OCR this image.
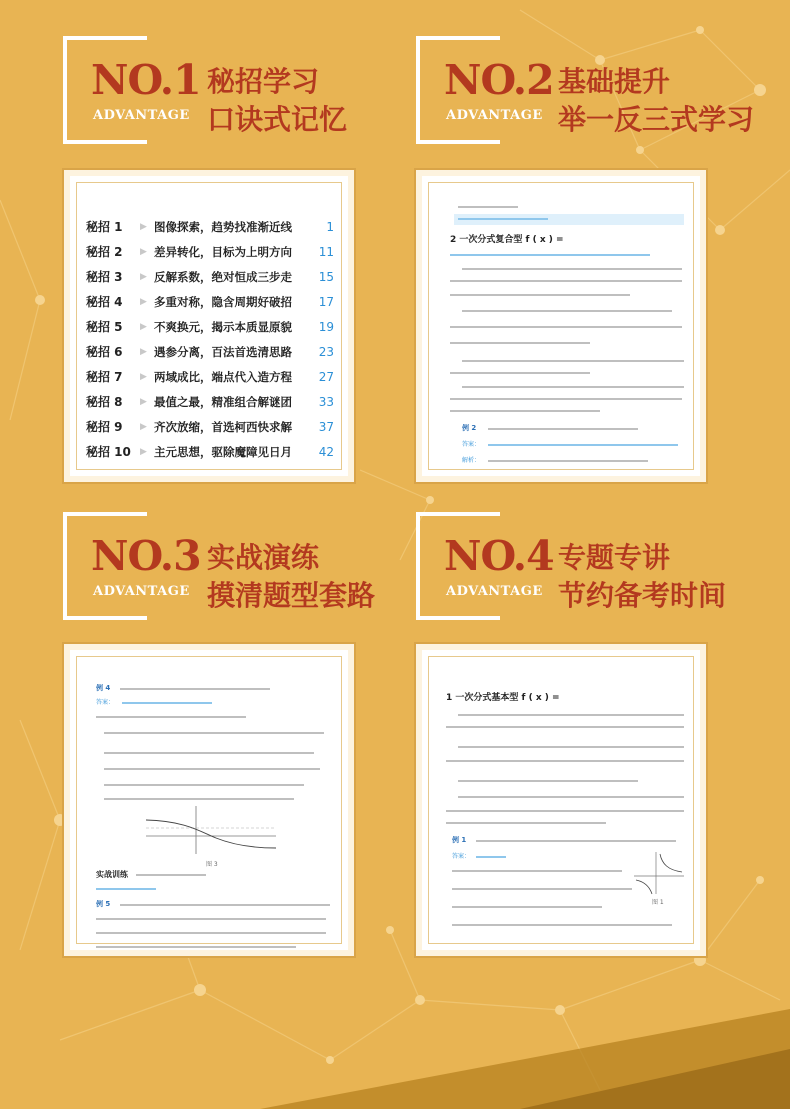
NO.1
ADVANTAGE
秘招学习
口诀式记忆
NO.2
ADVANTAGE
基础提升
举一反三式学习
秘招 1	▶ 图像探索，趋势找准渐近线	1
秘招 2	▶ 差异转化，目标为上明方向	11
秘招 3	▶ 反解系数，绝对恒成三步走	15
秘招 4	▶ 多重对称，隐含周期好破招	17
秘招 5	▶ 不爽换元，揭示本质显原貌	19
秘招 6	▶ 遇参分离，百法首选清思路	23
秘招 7	▶ 两域成比，端点代入造方程	27
秘招 8	▶ 最值之最，精准组合解谜团	33
秘招 9	▶ 齐次放缩，首选柯西快求解	37
秘招 10	▶ 主元思想，驱除魔障见日月	42
2 一次分式复合型 f ( x ) =
例 2
答案：
解析：
NO.3
ADVANTAGE
实战演练
摸清题型套路
NO.4
ADVANTAGE
专题专讲
节约备考时间
例 4
答案：
图 3
实战训练
例 5
1 一次分式基本型 f ( x ) =
例 1
答案：
图 1
